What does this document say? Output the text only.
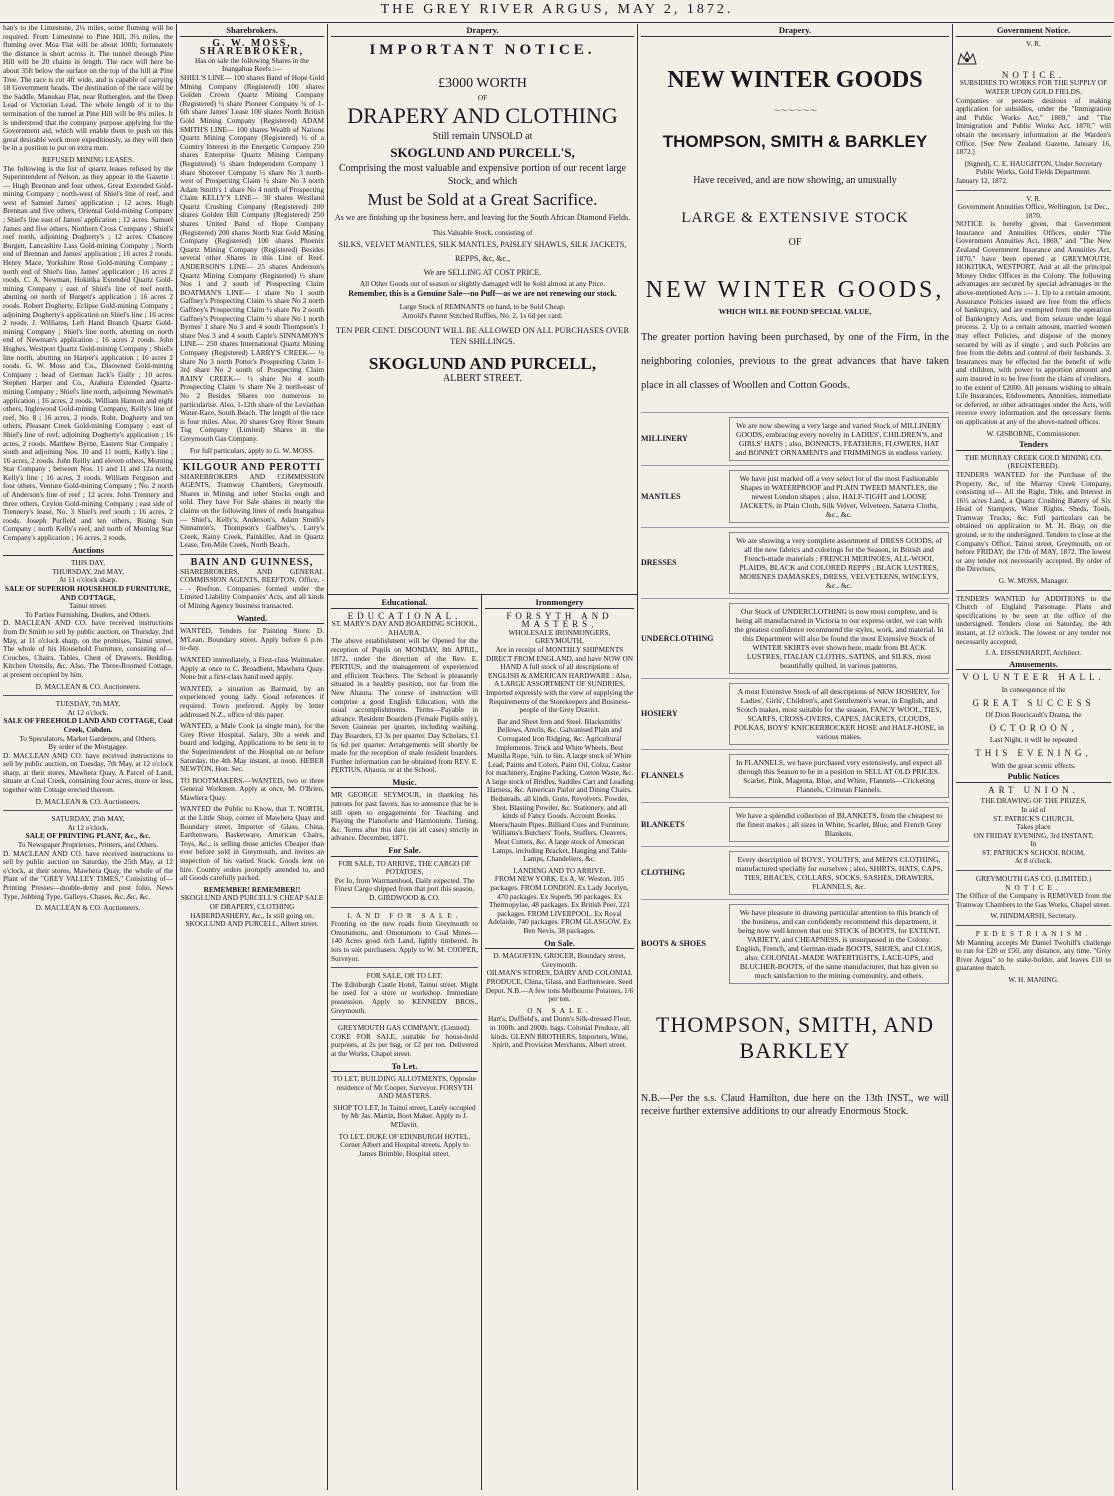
THE GREY RIVER ARGUS, MAY 2, 1872.

han's to the Limestone, 2¼ miles, some fluming will be required. From Limestone to Pine Hill, 3½ miles, the fluming over Moa Flat will be about 100ft; fortunately the distance is short across it. The tunnel through Pine Hill will be 20 chains in length. The race will here be about 35ft below the surface on the top of the hill at Pine Tree. The race is cut 4ft wide, and is capable of carrying 18 Government heads. The destination of the race will be the Saddle, Manukau Flat, near Rutherglen, and the Deep Lead or Victorian Lead. The whole length of it to the termination of the tunnel at Pine Hill will be 8¼ miles. It is understood that the company purpose applying for the Government aid, which will enable them to push on this great desirable work more expeditiously, as they will then be in a position to put on extra men.

REFUSED MINING LEASES.

The following is the list of quartz leases refused by the Superintendent of Nelson, as they appear in the Gazette :— Hugh Brennan and four others, Great Extended Gold-mining Company ; north-west of Shiel's line of reef, and west of Samuel James' application ; 12 acres. Hugh Brennan and five others, Oriental Gold-mining Company ; Shiel's line east of James' application ; 12 acres. Samuel James and five others, Northern Cross Company ; Shiel's reef north, adjoining Dogherty's ; 12 acres. Chancey Burgett, Lancashire Lass Gold-mining Company ; North end of Brennan and James' application ; 16 acres 2 roods. Henry Mace, Yorkshire Rose Gold-mining Company ; north end of Shiel's line, James' application ; 16 acres 2 roods. C. A. Newman, Hokitika Extended Quartz Gold-mining Company ; east of Shiel's line of reef north, abutting on north of Burgett's application ; 16 acres 2 roods. Robert Dogherty, Eclipse Gold-mining Company ; adjoining Dogherty's application on Shiel's line ; 16 acres 2 roods. J. Williams, Left Hand Branch Quartz Gold-mining Company ; Shiel's line north, abutting on north end of Newman's application ; 16 acres 2 roods. John Hughes, Westport Quartz Gold-mining Company ; Shiel's line north, abutting on Harper's application ; 16 acres 2 roods. G. W. Moss and Co., Disowned Gold-mining Company ; head of German Jack's Gully ; 10 acres. Stephen Harper and Co., Arahura Extended Quartz-mining Company ; Shiel's line north, adjoining Newman's application ; 16 acres, 2 roods. William Hannon and eight others, Inglewood Gold-mining Company, Kelly's line of reef, No. 8 ; 16 acres, 2 roods. Robt. Dogherty and ten others, Pleasant Creek Gold-mining Company ; east of Shiel's line of reef, adjoining Dogherty's application ; 16 acres, 2 roods. Matthew Byrne, Eastern Star Company ; south and adjoining Nos. 10 and 11 north, Kelly's line ; 16 acres, 2 roods. John Reilly and eleven others, Morning Star Company ; between Nos. 11 and 11 and 12a north, Kelly's line ; 16 acres, 2 roods. William Ferguson and four others, Venture Gold-mining Company ; No. 2 north of Anderson's line of reef ; 12 acres. John Trennery and three others, Ceylon Gold-mining Company ; east side of Trennery's lease, No. 3 Shiel's reef south ; 16 acres, 2 roods. Joseph Purfield and ten others, Rising Sun Company ; north Kelly's reef, and north of Morning Star Company's application ; 16 acres, 2 roods.

Auctions
THIS DAY,
THURSDAY, 2nd MAY,
At 11 o'clock sharp.
SALE OF SUPERIOR HOUSEHOLD FURNITURE, AND COTTAGE,
Tainui street.
To Parties Furnishing, Dealers, and Others.

D. MACLEAN AND CO. have received instructions from Dr Smith to sell by public auction, on Thursday, 2nd May, at 11 o'clock sharp, on the premises, Tainui street, The whole of his Household Furniture, consisting of— Couches, Chairs, Tables, Chest of Drawers, Bedding, Kitchen Utensils, &c. Also, The Three-Roomed Cottage, at present occupied by him.

D. MACLEAN & CO. Auctioneers.
TUESDAY, 7th MAY,
At 12 o'clock.
SALE OF FREEHOLD LAND AND COTTAGE, Coal Creek, Cobden.
To Speculators, Market Gardeners, and Others.
By order of the Mortgagee.

D. MACLEAN AND CO. have received instructions to sell by public auction, on Tuesday, 7th May, at 12 o'clock sharp, at their stores, Mawhera Quay, A Parcel of Land, situate at Coal Creek, containing four acres, more or less, together with Cottage erected thereon.

D. MACLEAN & CO. Auctioneers.
SATURDAY, 25th MAY,
At 12 o'clock.
SALE OF PRINTING PLANT, &c., &c.
To Newspaper Proprietors, Printers, and Others.

D. MACLEAN AND CO. have received instructions to sell by public auction on Saturday, the 25th May, at 12 o'clock, at their stores, Mawhera Quay, the whole of the Plant of the "GREY VALLEY TIMES," Consisting of— Printing Presses—double-demy and post folio, News Type, Jobbing Type, Galleys, Chases, &c, &c, &c.

D. MACLEAN & CO. Auctioneers.
Sharebrokers.
G. W. MOSS, SHAREBROKER,
Has on sale the following Shares in the Inangahua Reefs :—

SHIEL'S LINE— 100 shares Band of Hope Gold Mining Company (Registered) 100 shares Golden Crown Quartz Mining Company (Registered) ½ share Pioneer Company ¼ of 1-6th share James' Lease 100 shares North British Gold Mining Company (Registered) ADAM SMITH'S LINE— 100 shares Wealth of Nations Quartz Mining Company (Registered) ½ of a Country Interest in the Energetic Company 250 shares Enterprise Quartz Mining Company (Registered) ½ share Independent Company 1 share Shotover Company ½ share No 3 north-west of Prospecting Claim ½ share No 3 north Adam Smith's 1 share No 4 north of Prospecting Claim KELLY'S LINE— 30 shares Westland Quartz Crushing Company (Registered) 200 shares Golden Hill Company (Registered) 250 shares United Band of Hope Company (Registered) 200 shares North Star Gold Mining Company (Registered) 100 shares Phoenix Quartz Mining Company (Registered) Besides several other Shares in this Line of Reef. ANDERSON'S LINE— 25 shares Anderson's Quartz Mining Company (Registered) ½ share Nos 1 and 2 south of Prospecting Claim BOATMAN'S LINE— 1 share No 1 south Gaffney's Prospecting Claim ½ share No 2 north Gaffney's Prospecting Claim ½ share No 2 south Gaffney's Prospecting Claim ½ share No 1 north Byrnes' 1 share No 3 and 4 south Thompson's 1 share Nos 3 and 4 south Caple's SINNAMON'S LINE— 250 shares International Quartz Mining Company (Registered) LARRY'S CREEK— ½ share No 3 north Potter's Prospecting Claim 1-3rd share No 2 south of Prospecting Claim RAINY CREEK— ½ share No 4 south Prospecting Claim ½ share No 2 north-east of No 2 Besides Shares too numerous to particularise. Also, 1-12th share of the Leviathan Water-Race, South Beach. The length of the race is four miles. Also, 20 shares Grey River Steam Tug Company (Limited) Shares in the Greymouth Gas Company.

For full particulars, apply to G. W. MOSS.
KILGOUR AND PEROTTI

SHAREBROKERS AND COMMISSION AGENTS, Tramway Chambers, Greymouth. Shares in Mining and other Stocks ough and sold. They have For Sale shares in nearly the claims on the following lines of reefs Inangahua— Shiel's, Kelly's, Anderson's, Adam Smith's Sinnamon's, Thompson's Gaffney's, Larry's Creek, Rainy Creek, Painkiller, And in Quartz Lease, Ten-Mile Creek, North Beach.

BAIN AND GUINNESS,

SHAREBROKERS, AND GENERAL COMMISSION AGENTS, REEFTON. Office, - - - Reefton. Companies formed under the Limited Liability Companies' Acts, and all kinds of Mining Agency business transacted.

Wanted.

WANTED, Tenders for Painting Store. D. M'Lean, Boundary street. Apply before 6 p.m. to-day.

WANTED immediately, a First-class Waitmaker. Apply at once to C. Broadbent, Mawhera Quay. None but a first-class hand need apply.

WANTED, a situation as Barmaid, by an experienced young lady. Good references if required. Town preferred. Apply by letter addressed N.Z., office of this paper.

WANTED, a Male Cook (a single man), for the Grey River Hospital. Salary, 30s a week and board and lodging. Applications to be sent in to the Superintendent of the Hospital on or before Saturday, the 4th May instant, at noon. HEBER NEWTON, Hon. Sec.

TO BOOTMAKERS.—WANTED, two or three General Workmen. Apply at once, M. O'Brien, Mawhera Quay.

WANTED the Public to Know, that T. NORTH, at the Little Shop, corner of Mawhera Quay and Boundary street, Importer of Glass, China, Earthenware, Basketware, American Chairs, Toys, &c., is selling those articles Cheaper than ever before sold in Greymouth, and invites an inspection of his varied Stock. Goods lent on hire. Country orders promptly attended to, and all Goods carefully packed.

REMEMBER! REMEMBER!!
SKOGLUND AND PURCELL'S CHEAP SALE OF DRAPERY, CLOTHING HABERDASHERY, &c., Is still going on. SKOGLUND AND PURCELL, Albert street.
Drapery.
IMPORTANT NOTICE.
£3000 WORTH
OF
DRAPERY AND CLOTHING
Still remain UNSOLD at
SKOGLUND AND PURCELL'S,
Comprising the most valuable and expensive portion of our recent large Stock, and which
Must be Sold at a Great Sacrifice.
As we are finishing up the business here, and leaving for the South African Diamond Fields.
This Valuable Stock, consisting of
SILKS, VELVET MANTLES, SILK MANTLES, PAISLEY SHAWLS, SILK JACKETS, REPPS, &c, &c.,
We are SELLING AT COST PRICE.
All Other Goods out of season or slightly damaged will be Sold almost at any Price.
Remember, this is a Genuine Sale—no Puff—as we are not renewing our stock.
Large Stock of REMNANTS on hand, to be Sold Cheap.
Arnold's Patent Stitched Ruffles, No. 2, 1s 6d per card.
TEN PER CENT. DISCOUNT WILL BE ALLOWED ON ALL PURCHASES OVER TEN SHILLINGS.
SKOGLUND AND PURCELL,
ALBERT STREET.
Educational.
EDUCATIONAL.
ST. MARY'S DAY AND BOARDING SCHOOL, AHAURA.

The above establishment will be Opened for the reception of Pupils on MONDAY, 8th APRIL, 1872, under the direction of the Rev. E. PERTIUS, and the management of experienced and efficient Teachers. The School is pleasantly situated in a healthy position, not far from the New Ahaura. The course of instruction will comprise a good English Education, with the usual accomplishments. Terms—Payable in advance. Resident Boarders (Female Pupils only), Seven Guineas per quarter, including washing. Day Boarders, £3 3s per quarter. Day Scholars, £1 5s 6d per quarter. Arrangements will shortly be made for the reception of male resident boarders. Further information can be obtained from REV. E. PERTIUS, Ahaura, or at the School.

Music.

MR GEORGE SEYMOUR, in thanking his patrons for past favors, has to announce that he is still open to engagements for Teaching and Playing the Pianoforte and Harmonium. Tuning, &c. Terms after this date (in all cases) strictly in advance. December, 1871.

For Sale.
FOR SALE, TO ARRIVE, THE CARGO OF POTATOES,
Per Io, from Warrnambool, Daily expected. The Finest Cargo shipped from that port this season.
D. GIRDWOOD & CO.
LAND FOR SALE.

Fronting on the new roads from Greymouth to Omotumotu, and Omotumotu to Coal Mines—140 Acres good rich Land, lightly timbered. In lots to suit purchasers. Apply to W. M. COOPER, Surveyor.

FOR SALE, OR TO LET.

The Edinburgh Castle Hotel, Tainui street. Might be used for a store or workshop. Immediate possession. Apply to KENNEDY BROS., Greymouth.

GREYMOUTH GAS COMPANY, (Limited).

COKE FOR SALE, suitable for house-hold purposes, at 2s per bag, or £2 per ton. Delivered at the Works, Chapel street.

To Let.

TO LET, BUILDING ALLOTMENTS, Opposite residence of Mr Cooper, Surveyor. FORSYTH AND MASTERS.

SHOP TO LET, In Tainui street, Lately occupied by Mr Jas. Martin, Boot Maker. Apply to J. M'Davitt.

TO LET, DUKE OF EDINBURGH HOTEL, Corner Albert and Hospital streets. Apply to James Brimble, Hospital street.

Ironmongery
FORSYTH AND MASTERS,
WHOLESALE IRONMONGERS, GREYMOUTH,

Are in receipt of MONTHLY SHIPMENTS DIRECT FROM ENGLAND, and have NOW ON HAND A full stock of all descriptions of ENGLISH & AMERICAN HARDWARE : Also, A LARGE ASSORTMENT OF SUNDRIES, Imported expressly with the view of supplying the Requirements of the Storekeepers and Business-people of the Grey District.

Bar and Sheet Iron and Steel. Blacksmiths' Bellows, Anvils, &c. Galvanised Plain and Corrugated Iron Ridging, &c. Agricultural Implements. Truck and White Wheels. Best Manilla Rope, ¼in. to 6in. A large stock of White Lead, Paints and Colors, Paint Oil, Colza, Castor for machinery, Engine Packing, Cotton Waste, &c. A large stock of Bridles, Saddles Cart and Leading Harness, &c. American Parlor and Dining Chairs. Bedsteads, all kinds. Guns, Revolvers. Powder, Shot. Blasting Powder, &c. Stationery, and all kinds of Fancy Goods. Account Books. Meerschaum Pipes. Billiard Cues and Furniture. Williams's Butchers' Tools, Stuffers, Cleavers, Meat Cutters, &c. A large stock of American Lamps, including Bracket, Hanging and Table Lamps, Chandeliers, &c.

LANDING AND TO ARRIVE.

FROM NEW YORK. Ex A. W. Weston, 105 packages. FROM LONDON. Ex Lady Jocelyn, 470 packages. Ex Superb, 90 packages. Ex Thermopylae, 48 packages. Ex British Peer, 221 packages. FROM LIVERPOOL. Ex Royal Adelaide, 740 packages. FROM GLASGOW. Ex Ben Nevis, 38 packages.

On Sale.
D. MAGOFFIN, GROCER, Boundary street, Greymouth.

OILMAN'S STORES, DAIRY AND COLONIAL PRODUCE, China, Glass, and Earthenware. Seed Depot. N.B.—A few tons Melbourne Potatoes, 1/6 per ton.

ON SALE.

Hart's, Duffield's, and Dunn's Silk-dressed Flour, in 100lb. and 200lb. bags. Colonial Produce, all kinds. GLENN BROTHERS, Importers, Wine, Spirit, and Provision Merchants, Albert street.

Drapery.
NEW WINTER GOODS
～～～～～～
THOMPSON, SMITH & BARKLEY
Have received, and are now showing, an unusually
LARGE & EXTENSIVE STOCK
OF
NEW WINTER GOODS,
WHICH WILL BE FOUND SPECIAL VALUE,
The greater portion having been purchased, by one of the Firm, in the neighboring colonies, previous to the great advances that have taken place in all classes of Woollen and Cotton Goods.
MILLINERY
We are now showing a very large and varied Stock of MILLINERY GOODS, embracing every novelty in LADIES', CHILDREN'S, and GIRLS' HATS ; also, BONNETS, FEATHERS, FLOWERS, HAT and BONNET ORNAMENTS and TRIMMINGS in endless variety.
MANTLES
We have just marked off a very select lot of the most Fashionable Shapes in WATERPROOF and PLAIN TWEED MANTLES, the newest London shapes ; also, HALF-TIGHT and LOOSE JACKETS, in Plain Cloth, Silk Velvet, Velveteen, Satarra Cloths, &c., &c.
DRESSES
We are showing a very complete assortment of DRESS GOODS, of all the new fabrics and colorings for the Season, in British and French-made materials : FRENCH MERINOES, ALL-WOOL PLAIDS, BLACK and COLORED REPPS ; BLACK LUSTRES, MORENES DAMASKES, DRESS, VELVETEENS, WINCEYS, &c., &c.
UNDERCLOTHING
Our Stock of UNDERCLOTHING is now most complete, and is being all manufactured in Victoria to our express order, we can with the greatest confidence recommend the styles, work, and material. In this Department will also be found the most Extensive Stock of WINTER SKIRTS ever shown here, made from BLACK LUSTRES, ITALIAN CLOTHS, SATINS, and SILKS, most beautifully quilted, in various patterns.
HOSIERY
A most Extensive Stock of all descriptions of NEW HOSIERY, for Ladies', Girls', Children's, and Gentlemen's wear, in English, and Scotch makes, most suitable for the season, FANCY WOOL, TIES, SCARFS, CROSS-OVERS, CAPES, JACKETS, CLOUDS, POLKAS, BOYS' KNICKERBOCKER HOSE and HALF-HOSE, in various makes.
FLANNELS
In FLANNELS, we have purchased very extensively, and expect all through this Season to be in a position to SELL AT OLD PRICES. Scarlet, Pink, Magenta, Blue, and White, Flannels—Cricketing Flannels, Crimean Flannels.
BLANKETS
We have a splendid collection of BLANKETS, from the cheapest to the finest makes ; all sizes in White, Scarlet, Blue, and French Grey Blankets.
CLOTHING
Every description of BOYS', YOUTH'S, and MEN'S CLOTHING, manufactured specially for ourselves ; also, SHIRTS, HATS, CAPS, TIES, BRACES, COLLARS, SOCKS, SASHES, DRAWERS, FLANNELS, &c.
BOOTS & SHOES
We have pleasure in drawing particular attention to this branch of the business, and can confidently recommend this department, it being now well known that our STOCK of BOOTS, for EXTENT, VARIETY, and CHEAPNESS, is unsurpassed in the Colony. English, French, and German-made BOOTS, SHOES, and CLOGS, also, COLONIAL-MADE WATERTIGHTS, LACE-UPS, and BLUCHER-BOOTS, of the same manufacturer, that has given so much satisfaction to the mining community, and others.
THOMPSON, SMITH, AND BARKLEY
N.B.—Per the s.s. Claud Hamilton, due here on the 13th INST., we will receive further extensive additions to our already Enormous Stock.
Government Notice.
V. R.
NOTICE.
SUBSIDIES TO WORKS FOR THE SUPPLY OF WATER UPON GOLD FIELDS.

Companies or persons desirous of making application for subsidies, under the "Immigration and Public Works Act," 1869," and "The Immigration and Public Works Act, 1870," will obtain the necessary information at the Warden's Office. [See New Zealand Gazette, January 16, 1872.]

(Signed), C. E. HAUGHTON, Under Secretary Public Works, Gold Fields Department.
January 12, 1872.
V. R.
Government Annuities Office, Wellington, 1st Dec., 1870.

NOTICE is hereby given, that Government Insurance and Annuities Offices, under "The Government Annuities Act, 1869," and "The New Zealand Government Insurance and Annuities Act, 1870," have been opened at GREYMOUTH, HOKITIKA, WESTPORT, And at all the principal Money Order Offices in the Colony. The following advantages are secured by special advantages in the above-mentioned Acts :— 1. Up to a certain amount, Assurance Policies issued are free from the effects of bankruptcy, and are exempted from the operation of Bankruptcy Acts, and from seizure under legal process. 2. Up to a certain amount, married women may effect Policies, and dispose of the money secured by will as if single ; and such Policies are free from the debts and control of their husbands. 3. Insurances may be effected for the benefit of wife and children, with power to apportion amount and sum insured in to be free from the claim of creditors, to the extent of £2000. All persons wishing to obtain Life Insurances, Endowments, Annuities, immediate or deferred, or other advantages under the Acts, will receive every information and the necessary forms on application at any of the above-named offices.

W. GISBORNE, Commissioner.
Tenders
THE MURRAY CREEK GOLD MINING CO. (REGISTERED).

TENDERS WANTED for the Purchase of the Property, &c, of the Murray Creek Company, consisting of— All the Right, Title, and Interest in 16½ acres Land, a Quartz Crushing Battery of Six Head of Stampers, Water Rights, Sheds, Tools, Tramway Trucks, &c. Full particulars can be obtained on application to M. H. Bray, on the ground, or to the undersigned. Tenders to close at the Company's Office, Tainui street, Greymouth, on or before FRIDAY, the 17th of MAY, 1872. The lowest or any tender not necessarily accepted. By order of the Directors,

G. W. MOSS, Manager.

TENDERS WANTED for ADDITIONS to the Church of England Parsonage. Plans and specifications to be seen at the office of the undersigned. Tenders close on Saturday, the 4th instant, at 12 o'clock. The lowest or any tender not necessarily accepted.

J. A. EISSENHARDT, Architect.
Amusements.
VOLUNTEER HALL.
In consequence of the
GREAT SUCCESS
Of Dion Boucicault's Drama, the
OCTOROON,
Last Night, it will be repeated
THIS EVENING,
With the great scenic effects.
Public Notices
ART UNION.
THE DRAWING OF THE PRIZES,
In aid of
ST. PATRICK'S CHURCH,
Takes place
ON FRIDAY EVENING, 3rd INSTANT,
In
ST. PATRICK'S SCHOOL ROOM,
At 8 o'clock.
GREYMOUTH GAS CO. (LIMITED.)
NOTICE.

The Office of the Company is REMOVED from the Tramway Chambers to the Gas Works, Chapel street.

W. HINDMARSH, Secretary.
PEDESTRIANISM.

Mr Manning accepts Mr Daniel Twohill's challenge to run for £20 or £50, any distance, any time. "Grey River Argus" to be stake-holder, and leaves £10 to guarantee match.

W. H. MANING.
